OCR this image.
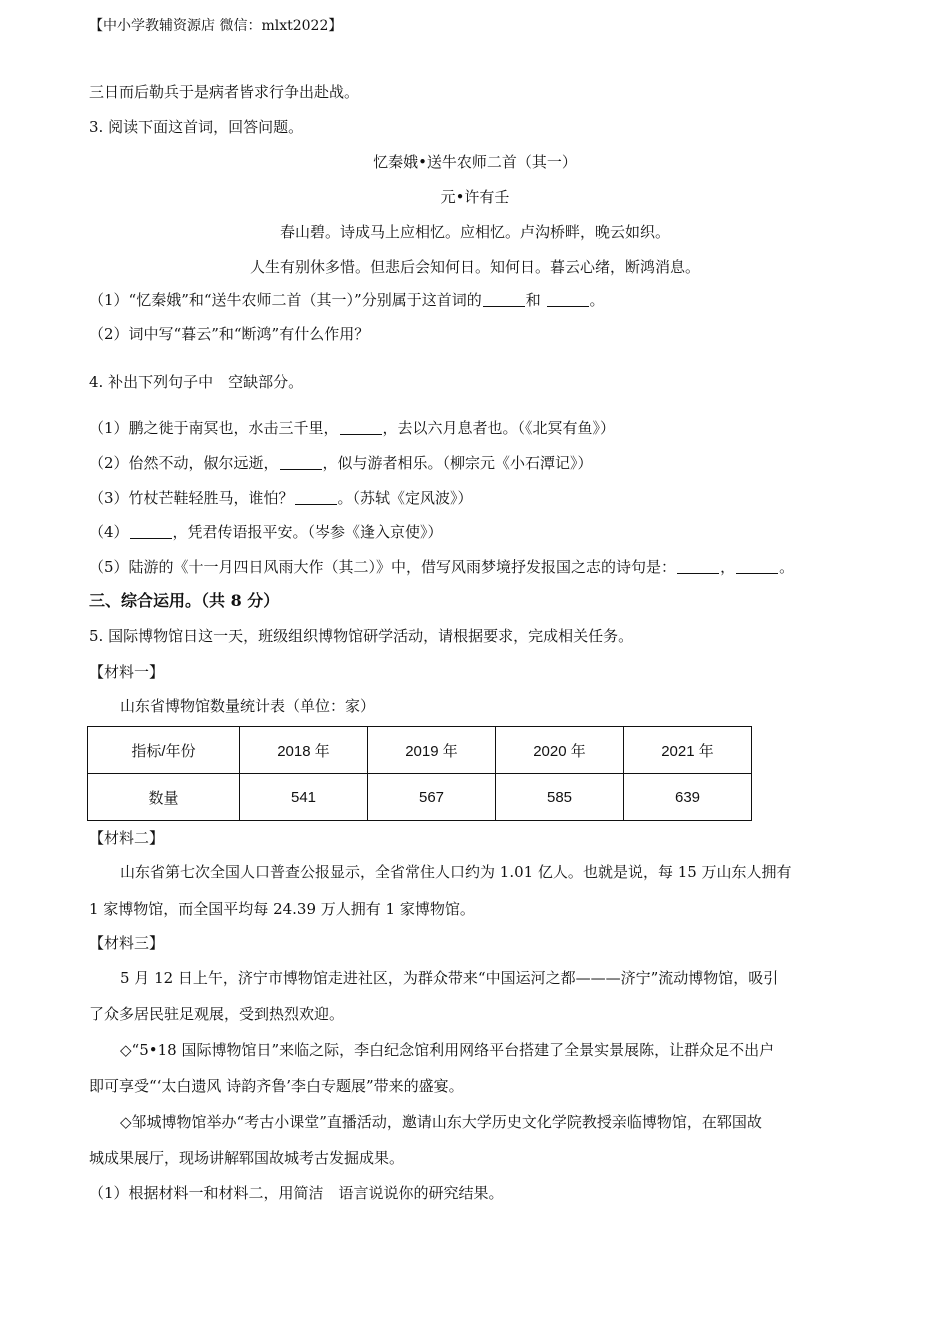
【中小学教辅资源店 微信：mlxt2022】
三日而后勒兵于是病者皆求行争出赴战。
3. 阅读下面这首词，回答问题。
忆秦娥•送牛农师二首（其一）
元•许有壬
春山碧。诗成马上应相忆。应相忆。卢沟桥畔，晚云如织。
人生有别休多惜。但悲后会知何日。知何日。暮云心绪，断鸿消息。
（1）“忆秦娥”和“送牛农师二首（其一）”分别属于这首词的	和	。
（2）词中写“暮云”和“断鸿”有什么作用？
4. 补出下列句子中　空缺部分。
（1）鹏之徙于南冥也，水击三千里，	，去以六月息者也。（《北冥有鱼》）
（2）佁然不动，俶尔远逝，	，似与游者相乐。（柳宗元《小石潭记》）
（3）竹杖芒鞋轻胜马，谁怕？	。（苏轼《定风波》）
（4）	，凭君传语报平安。（岑参《逢入京使》）
（5）陆游的《十一月四日风雨大作（其二）》中，借写风雨梦境抒发报国之志的诗句是：	，	。
三、综合运用。（共 8 分）
5. 国际博物馆日这一天，班级组织博物馆研学活动，请根据要求，完成相关任务。
【材料一】
山东省博物馆数量统计表（单位：家）
指标/年份	2018 年	2019 年	2020 年	2021 年
数量	541	567	585	639
【材料二】
山东省第七次全国人口普查公报显示，全省常住人口约为 1.01 亿人。也就是说，每 15 万山东人拥有
1 家博物馆，而全国平均每 24.39 万人拥有 1 家博物馆。
【材料三】
5 月 12 日上午，济宁市博物馆走进社区，为群众带来“中国运河之都———济宁”流动博物馆，吸引
了众多居民驻足观展，受到热烈欢迎。
◇“5•18 国际博物馆日”来临之际，李白纪念馆利用网络平台搭建了全景实景展陈，让群众足不出户
即可享受“‘太白遗风 诗韵齐鲁’李白专题展”带来的盛宴。
◇邹城博物馆举办“考古小课堂”直播活动，邀请山东大学历史文化学院教授亲临博物馆，在郓国故
城成果展厅，现场讲解郓国故城考古发掘成果。
（1）根据材料一和材料二，用简洁　语言说说你的研究结果。
